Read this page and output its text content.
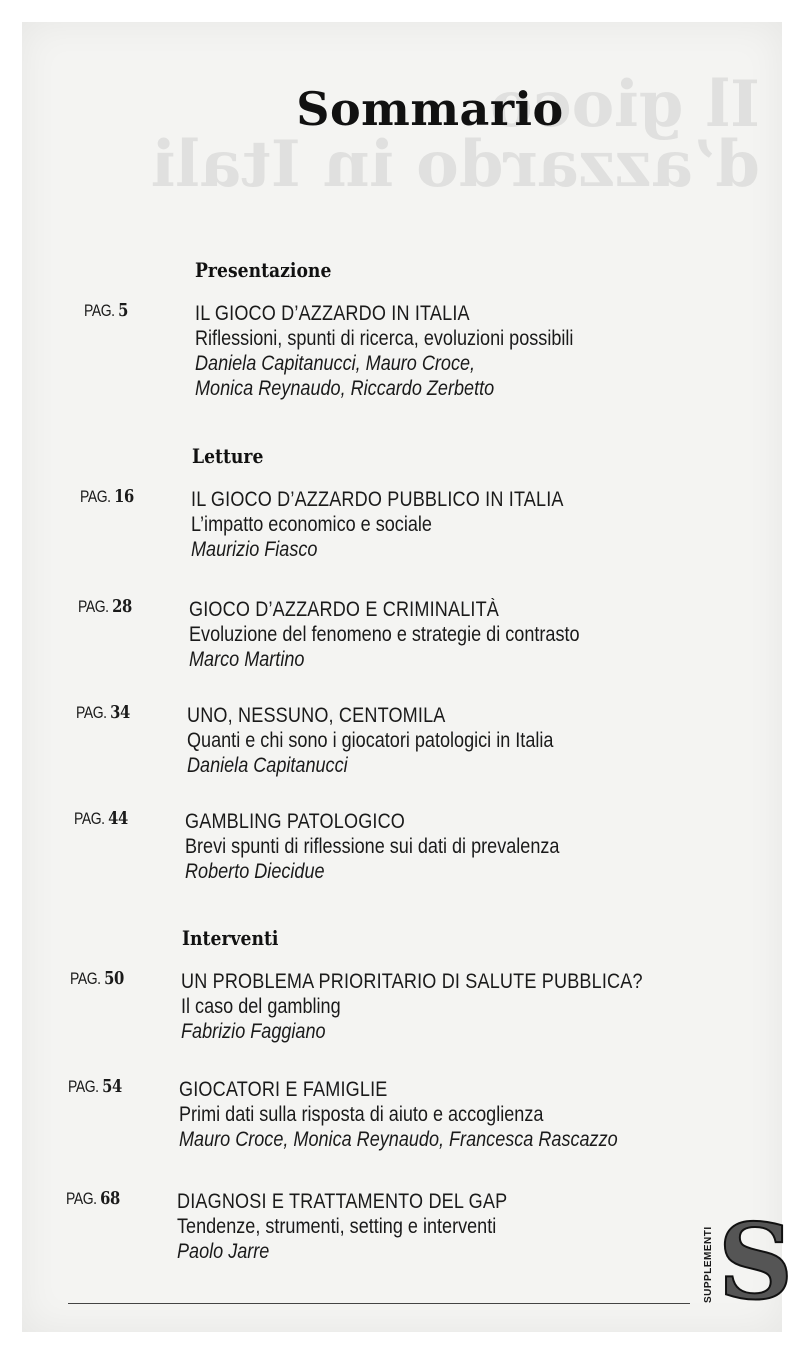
Sommario
Presentazione
PAG. 5	IL GIOCO D’AZZARDO IN ITALIA
Riflessioni, spunti di ricerca, evoluzioni possibili
Daniela Capitanucci, Mauro Croce,
Monica Reynaudo, Riccardo Zerbetto
Letture
PAG. 16	IL GIOCO D’AZZARDO PUBBLICO IN ITALIA
L’impatto economico e sociale
Maurizio Fiasco
PAG. 28	GIOCO D’AZZARDO E CRIMINALITÀ
Evoluzione del fenomeno e strategie di contrasto
Marco Martino
PAG. 34	UNO, NESSUNO, CENTOMILA
Quanti e chi sono i giocatori patologici in Italia
Daniela Capitanucci
PAG. 44	GAMBLING PATOLOGICO
Brevi spunti di riflessione sui dati di prevalenza
Roberto Diecidue
Interventi
PAG. 50	UN PROBLEMA PRIORITARIO DI SALUTE PUBBLICA?
Il caso del gambling
Fabrizio Faggiano
PAG. 54	GIOCATORI E FAMIGLIE
Primi dati sulla risposta di aiuto e accoglienza
Mauro Croce, Monica Reynaudo, Francesca Rascazzo
PAG. 68	DIAGNOSI E TRATTAMENTO DEL GAP
Tendenze, strumenti, setting e interventi
Paolo Jarre	SUPPLEMENTI S
